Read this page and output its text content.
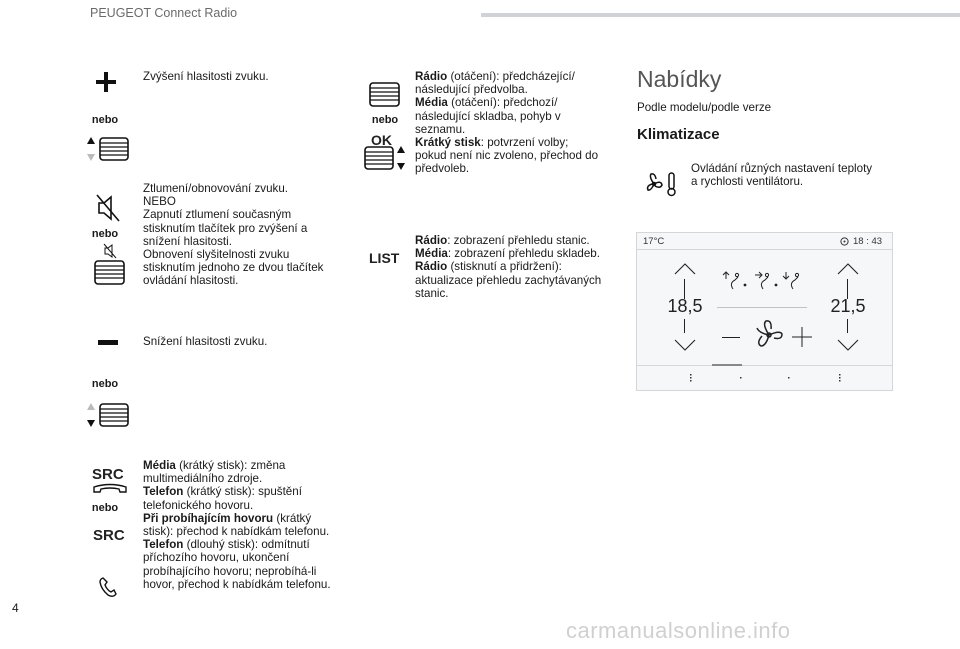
PEUGEOT Connect Radio
Zvýšení hlasitosti zvuku.
nebo
Ztlumení/obnovování zvuku.
NEBO
Zapnutí ztlumení současným
stisknutím tlačítek pro zvýšení a
snížení hlasitosti.
Obnovení slyšitelnosti zvuku
stisknutím jednoho ze dvou tlačítek
ovládání hlasitosti.
nebo
Snížení hlasitosti zvuku.
nebo
SRC
nebo
SRC
Média (krátký stisk): změna
multimediálního zdroje.
Telefon (krátký stisk): spuštění
telefonického hovoru.
Při probíhajícím hovoru (krátký
stisk): přechod k nabídkám telefonu.
Telefon (dlouhý stisk): odmítnutí
příchozího hovoru, ukončení
probíhajícího hovoru; neprobíhá-li
hovor, přechod k nabídkám telefonu.
nebo
OK
Rádio (otáčení): předcházející/
následující předvolba.
Média (otáčení): předchozí/
následující skladba, pohyb v
seznamu.
Krátký stisk: potvrzení volby;
pokud není nic zvoleno, přechod do
předvoleb.
LIST
Rádio: zobrazení přehledu stanic.
Média: zobrazení přehledu skladeb.
Rádio (stisknutí a přidržení):
aktualizace přehledu zachytávaných
stanic.
Nabídky
Podle modelu/podle verze
Klimatizace
Ovládání různých nastavení teploty
a rychlosti ventilátoru.
17°C	18 : 43
18,5	21,5
4
carmanualsonline.info
